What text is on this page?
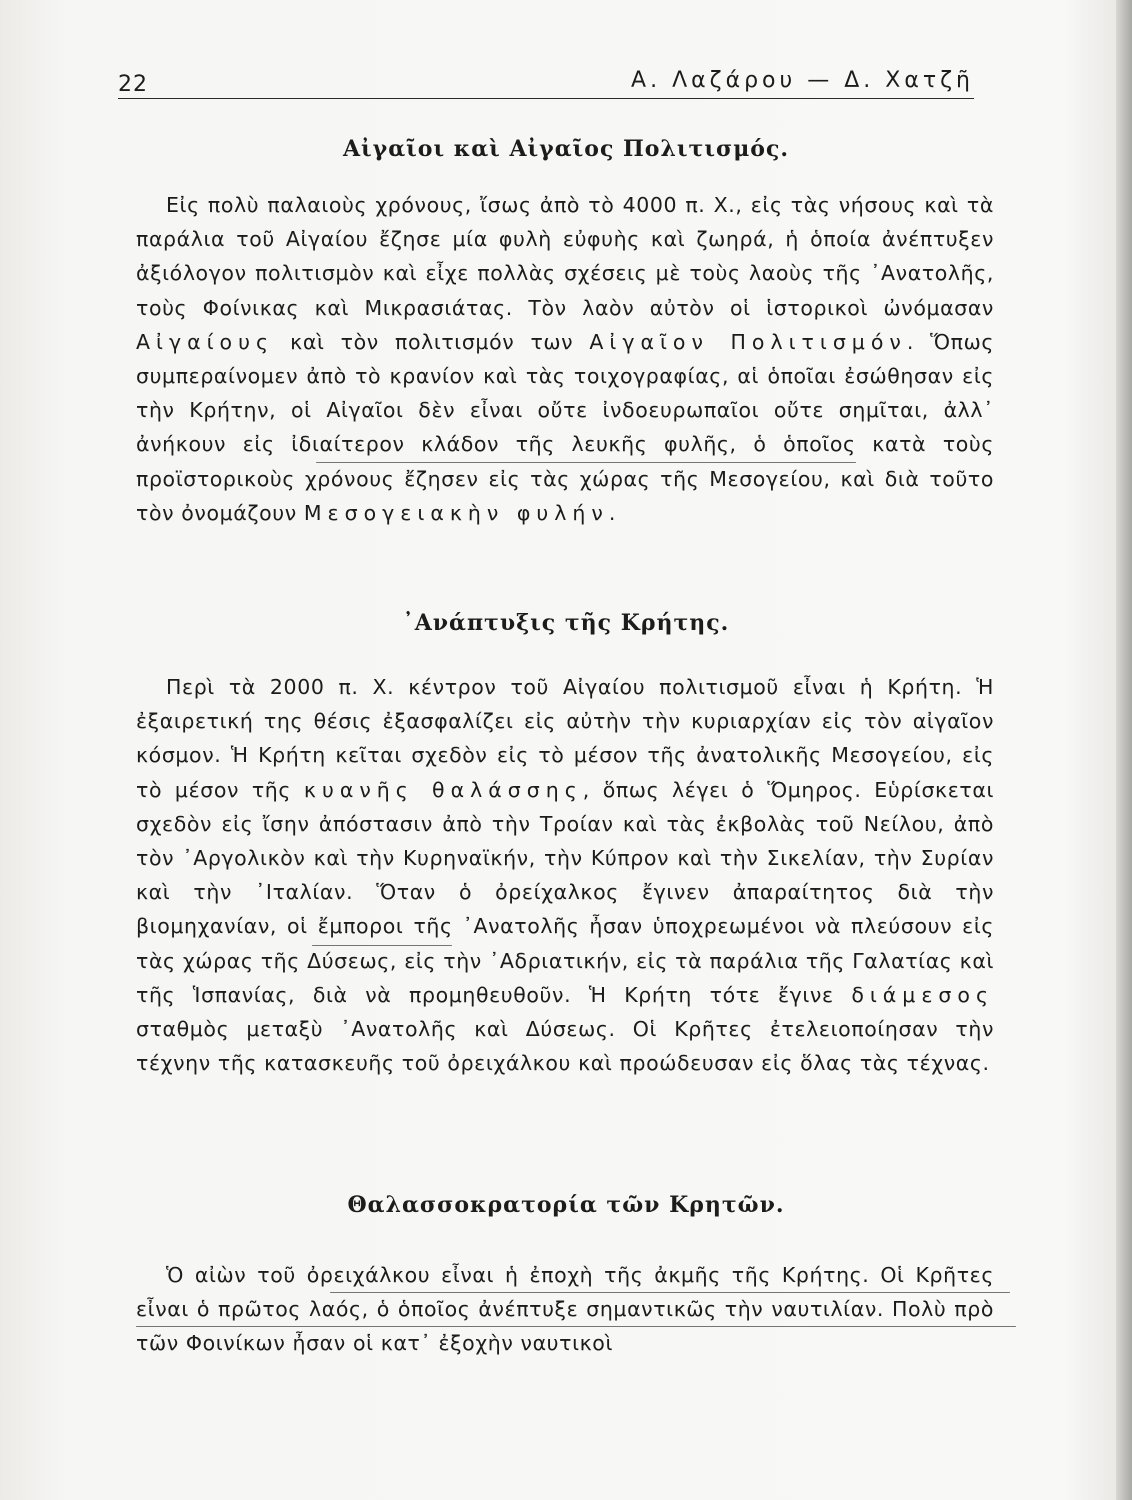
22	Α. Λαζάρου — Δ. Χατζῆ
Αἰγαῖοι καὶ Αἰγαῖος Πολιτισμός.

Εἰς πολὺ παλαιοὺς χρόνους, ἴσως ἀπὸ τὸ 4000 π. Χ., εἰς τὰς νήσους καὶ τὰ παράλια τοῦ Αἰγαίου ἔζησε μία φυλὴ εὐφυὴς καὶ ζωηρά, ἡ ὁποία ἀνέπτυξεν ἀξιόλογον πολιτισμὸν καὶ εἶχε πολλὰς σχέσεις μὲ τοὺς λαοὺς τῆς ᾽Ανατολῆς, τοὺς Φοίνικας καὶ Μικρασιάτας. Τὸν λαὸν αὐτὸν οἱ ἱστορικοὶ ὠνόμασαν Αἰγαίους καὶ τὸν πολιτισμόν των Αἰγαῖον Πολιτισμόν. Ὅπως συμπεραίνομεν ἀπὸ τὸ κρανίον καὶ τὰς τοιχογραφίας, αἱ ὁποῖαι ἐσώθησαν εἰς τὴν Κρήτην, οἱ Αἰγαῖοι δὲν εἶναι οὔτε ἰνδοευρωπαῖοι οὔτε σημῖται, ἀλλ᾽ ἀνήκουν εἰς ἰδιαίτερον κλάδον τῆς λευκῆς φυλῆς, ὁ ὁποῖος κατὰ τοὺς προϊστορικοὺς χρόνους ἔζησεν εἰς τὰς χώρας τῆς Μεσογείου, καὶ διὰ τοῦτο τὸν ὀνομάζουν Μεσογειακὴν φυλήν.

᾽Ανάπτυξις τῆς Κρήτης.

Περὶ τὰ 2000 π. Χ. κέντρον τοῦ Αἰγαίου πολιτισμοῦ εἶναι ἡ Κρήτη. Ἡ ἐξαιρετική της θέσις ἐξασφαλίζει εἰς αὐτὴν τὴν κυριαρχίαν εἰς τὸν αἰγαῖον κόσμον. Ἡ Κρήτη κεῖται σχεδὸν εἰς τὸ μέσον τῆς ἀνατολικῆς Μεσογείου, εἰς τὸ μέσον τῆς κυανῆς θαλάσσης, ὅπως λέγει ὁ Ὅμηρος. Εὑρίσκεται σχεδὸν εἰς ἴσην ἀπόστασιν ἀπὸ τὴν Τροίαν καὶ τὰς ἐκβολὰς τοῦ Νείλου, ἀπὸ τὸν ᾽Αργολικὸν καὶ τὴν Κυρηναϊκήν, τὴν Κύπρον καὶ τὴν Σικελίαν, τὴν Συρίαν καὶ τὴν ᾽Ιταλίαν. Ὅταν ὁ ὀρείχαλκος ἔγινεν ἀπαραίτητος διὰ τὴν βιομηχανίαν, οἱ ἔμποροι τῆς ᾽Ανατολῆς ἦσαν ὑποχρεωμένοι νὰ πλεύσουν εἰς τὰς χώρας τῆς Δύσεως, εἰς τὴν ᾽Αδριατικήν, εἰς τὰ παράλια τῆς Γαλατίας καὶ τῆς Ἱσπανίας, διὰ νὰ προμηθευθοῦν. Ἡ Κρήτη τότε ἔγινε διάμεσος σταθμὸς μεταξὺ ᾽Ανατολῆς καὶ Δύσεως. Οἱ Κρῆτες ἐτελειοποίησαν τὴν τέχνην τῆς κατασκευῆς τοῦ ὀρειχάλκου καὶ προώδευσαν εἰς ὅλας τὰς τέχνας.

Θαλασσοκρατορία τῶν Κρητῶν.

Ὁ αἰὼν τοῦ ὀρειχάλκου εἶναι ἡ ἐποχὴ τῆς ἀκμῆς τῆς Κρήτης. Οἱ Κρῆτες εἶναι ὁ πρῶτος λαός, ὁ ὁποῖος ἀνέπτυξε σημαντικῶς τὴν ναυτιλίαν. Πολὺ πρὸ τῶν Φοινίκων ἦσαν οἱ κατ᾽ ἐξοχὴν ναυτικοὶ
